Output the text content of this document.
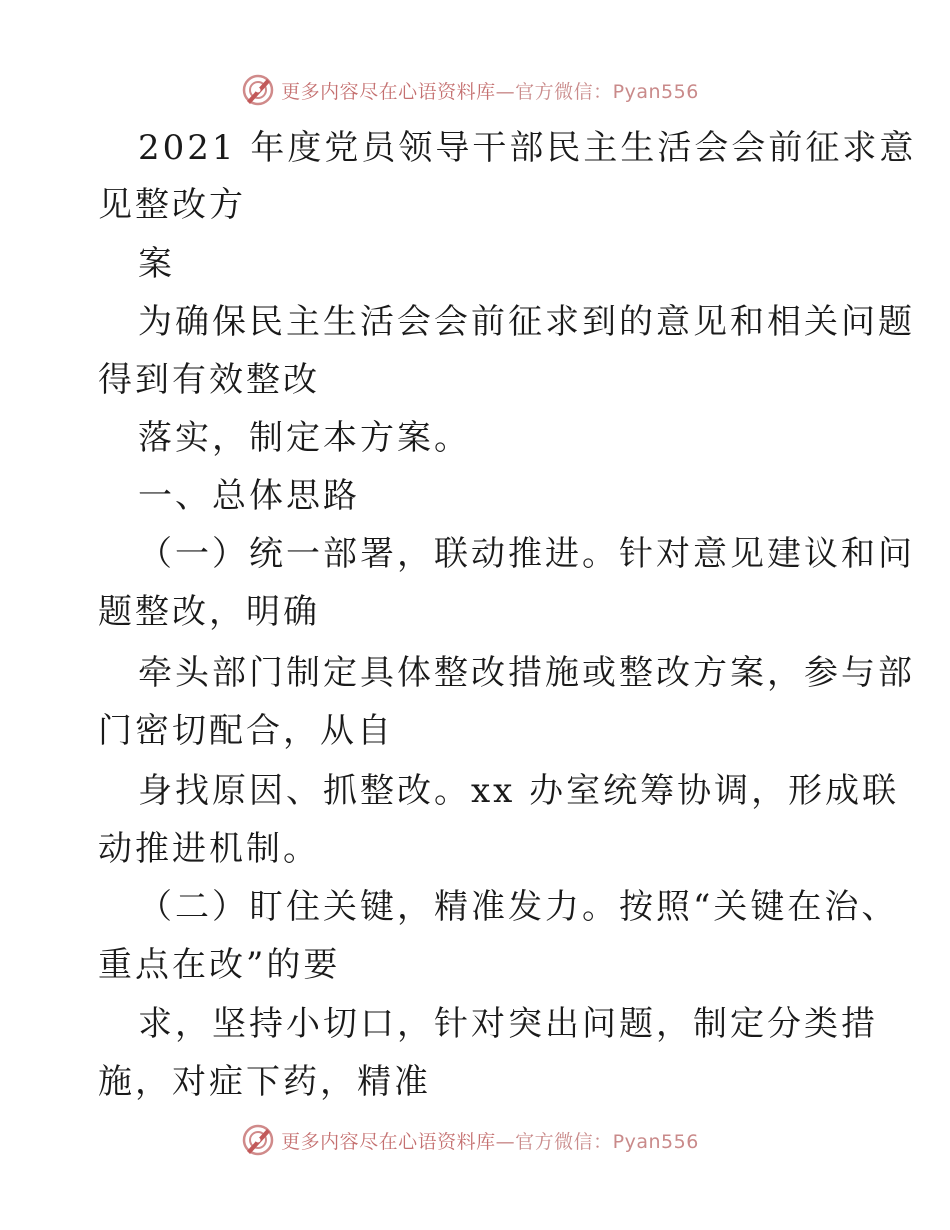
更多内容尽在心语资料库—官方微信：Pyan556
2021 年度党员领导干部民主生活会会前征求意
见整改方
案
为确保民主生活会会前征求到的意见和相关问题
得到有效整改
落实，制定本方案。
一、总体思路
（一）统一部署，联动推进。针对意见建议和问
题整改，明确
牵头部门制定具体整改措施或整改方案，参与部
门密切配合，从自
身找原因、抓整改。xx 办室统筹协调，形成联
动推进机制。
（二）盯住关键，精准发力。按照“关键在治、
重点在改”的要
求，坚持小切口，针对突出问题，制定分类措
施，对症下药，精准
更多内容尽在心语资料库—官方微信：Pyan556
